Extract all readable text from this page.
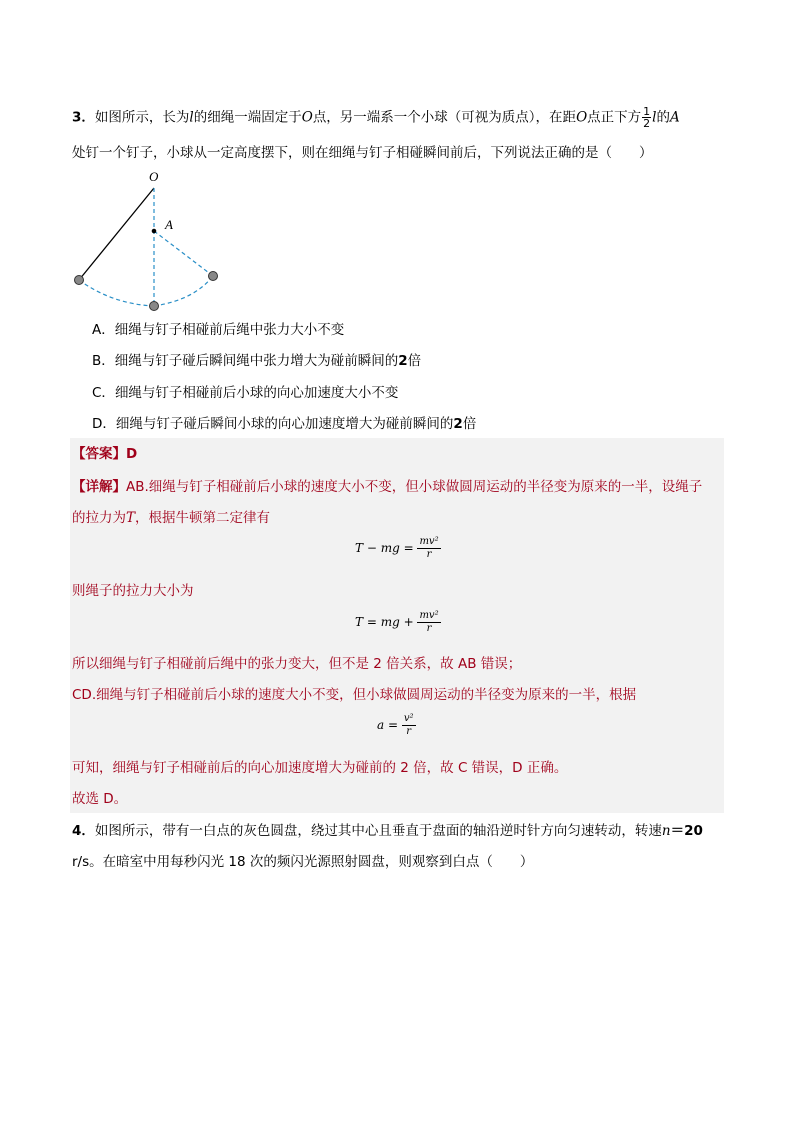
3．如图所示，长为l的细绳一端固定于O点，另一端系一个小球（可视为质点），在距O点正下方 $\frac{1}{2}$ l的A
处钉一个钉子，小球从一定高度摆下，则在细绳与钉子相碰瞬间前后，下列说法正确的是（　　）
O
A
A．细绳与钉子相碰前后绳中张力大小不变
B．细绳与钉子碰后瞬间绳中张力增大为碰前瞬间的2倍
C．细绳与钉子相碰前后小球的向心加速度大小不变
D．细绳与钉子碰后瞬间小球的向心加速度增大为碰前瞬间的2倍
【答案】D
【详解】AB.细绳与钉子相碰前后小球的速度大小不变，但小球做圆周运动的半径变为原来的一半，设绳子
的拉力为T，根据牛顿第二定律有
T − mg = $\frac{\text{mv²}}{r}$
则绳子的拉力大小为
T = mg + $\frac{\text{mv²}}{r}$
所以细绳与钉子相碰前后绳中的张力变大，但不是 2 倍关系，故 AB 错误；
CD.细绳与钉子相碰前后小球的速度大小不变，但小球做圆周运动的半径变为原来的一半，根据
$a = \frac{\text{v²}}{r}$
可知，细绳与钉子相碰前后的向心加速度增大为碰前的 2 倍，故 C 错误，D 正确。
故选 D。
4．如图所示，带有一白点的灰色圆盘，绕过其中心且垂直于盘面的轴沿逆时针方向匀速转动，转速n＝20
r/s。在暗室中用每秒闪光 18 次的频闪光源照射圆盘，则观察到白点（　　）
